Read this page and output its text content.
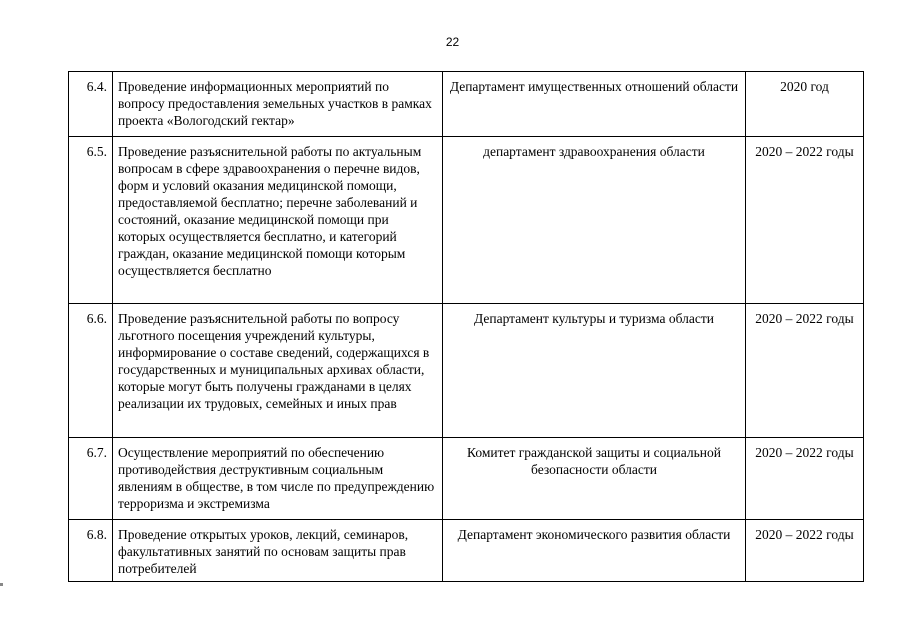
22
6.4.	Проведение информационных мероприятий по вопросу предоставления земельных участков в рамках проекта «Вологодский гектар»	Департамент имущественных отношений области	2020 год
6.5.	Проведение разъяснительной работы по актуальным вопросам в сфере здравоохранения о перечне видов, форм и условий оказания медицинской помощи, предоставляемой бесплатно; перечне заболеваний и состояний, оказание медицинской помощи при которых осуществляется бесплатно, и категорий граждан, оказание медицинской помощи которым осуществляется бесплатно	департамент здравоохранения области	2020 – 2022 годы
6.6.	Проведение разъяснительной работы по вопросу льготного посещения учреждений культуры, информирование о составе сведений, содержащихся в государственных и муниципальных архивах области, которые могут быть получены гражданами в целях реализации их трудовых, семейных и иных прав	Департамент культуры и туризма области	2020 – 2022 годы
6.7.	Осуществление мероприятий по обеспечению противодействия деструктивным социальным явлениям в обществе, в том числе по предупреждению терроризма и экстремизма	Комитет гражданской защиты и социальной безопасности области	2020 – 2022 годы
6.8.	Проведение открытых уроков, лекций, семинаров, факультативных занятий по основам защиты прав потребителей	Департамент экономического развития области	2020 – 2022 годы
